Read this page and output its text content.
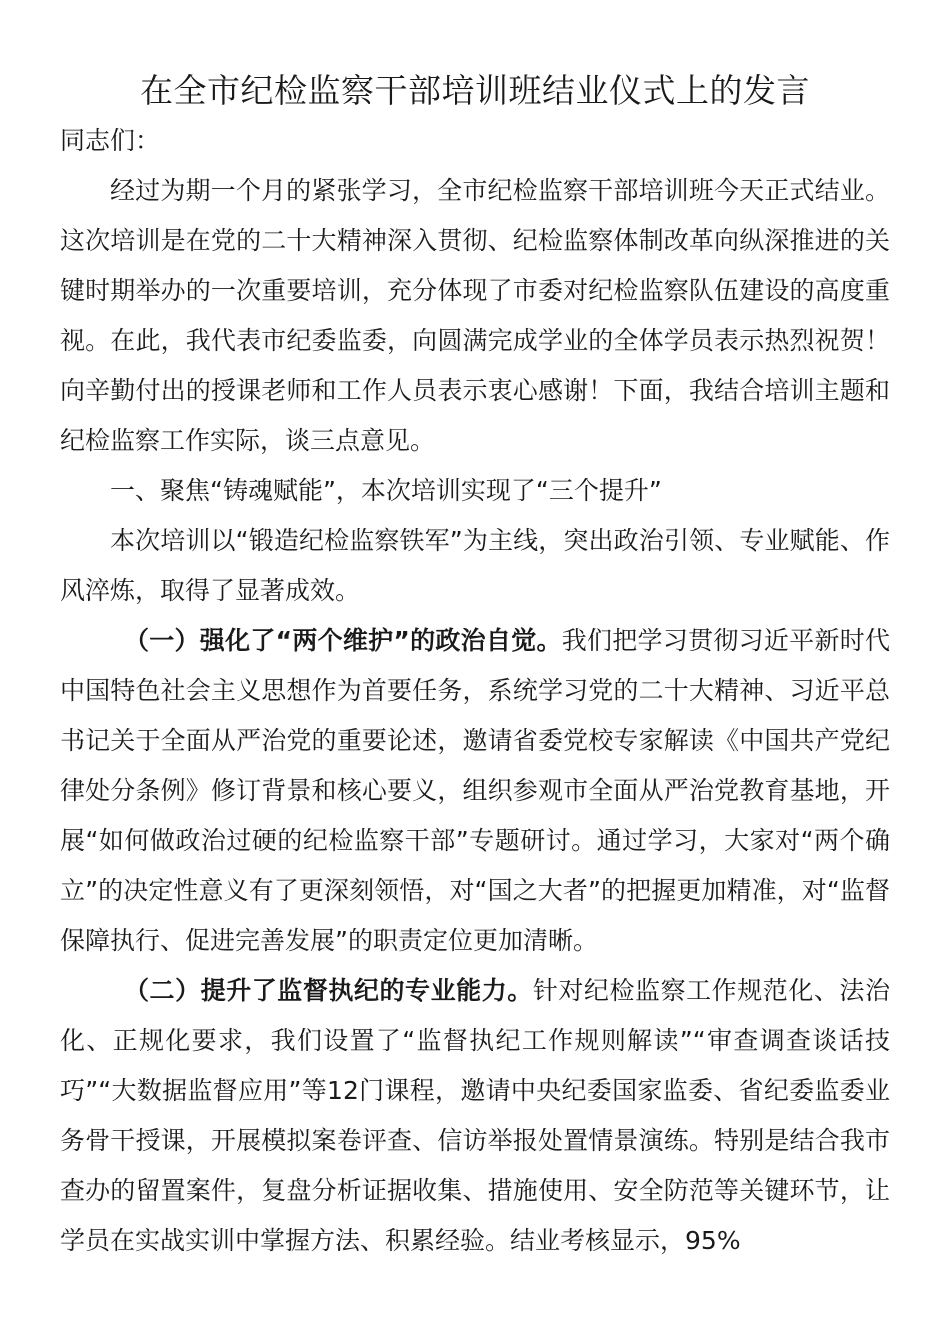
在全市纪检监察干部培训班结业仪式上的发言

同志们：

经过为期一个月的紧张学习，全市纪检监察干部培训班今天正式结业。这次培训是在党的二十大精神深入贯彻、纪检监察体制改革向纵深推进的关键时期举办的一次重要培训，充分体现了市委对纪检监察队伍建设的高度重视。在此，我代表市纪委监委，向圆满完成学业的全体学员表示热烈祝贺！向辛勤付出的授课老师和工作人员表示衷心感谢！下面，我结合培训主题和纪检监察工作实际，谈三点意见。

一、聚焦“铸魂赋能”，本次培训实现了“三个提升”

本次培训以“锻造纪检监察铁军”为主线，突出政治引领、专业赋能、作风淬炼，取得了显著成效。

（一）强化了“两个维护”的政治自觉。我们把学习贯彻习近平新时代中国特色社会主义思想作为首要任务，系统学习党的二十大精神、习近平总书记关于全面从严治党的重要论述，邀请省委党校专家解读《中国共产党纪律处分条例》修订背景和核心要义，组织参观市全面从严治党教育基地，开展“如何做政治过硬的纪检监察干部”专题研讨。通过学习，大家对“两个确立”的决定性意义有了更深刻领悟，对“国之大者”的把握更加精准，对“监督保障执行、促进完善发展”的职责定位更加清晰。

（二）提升了监督执纪的专业能力。针对纪检监察工作规范化、法治化、正规化要求，我们设置了“监督执纪工作规则解读”“审查调查谈话技巧”“大数据监督应用”等12门课程，邀请中央纪委国家监委、省纪委监委业务骨干授课，开展模拟案卷评查、信访举报处置情景演练。特别是结合我市查办的留置案件，复盘分析证据收集、措施使用、安全防范等关键环节，让学员在实战实训中掌握方法、积累经验。结业考核显示，95%
